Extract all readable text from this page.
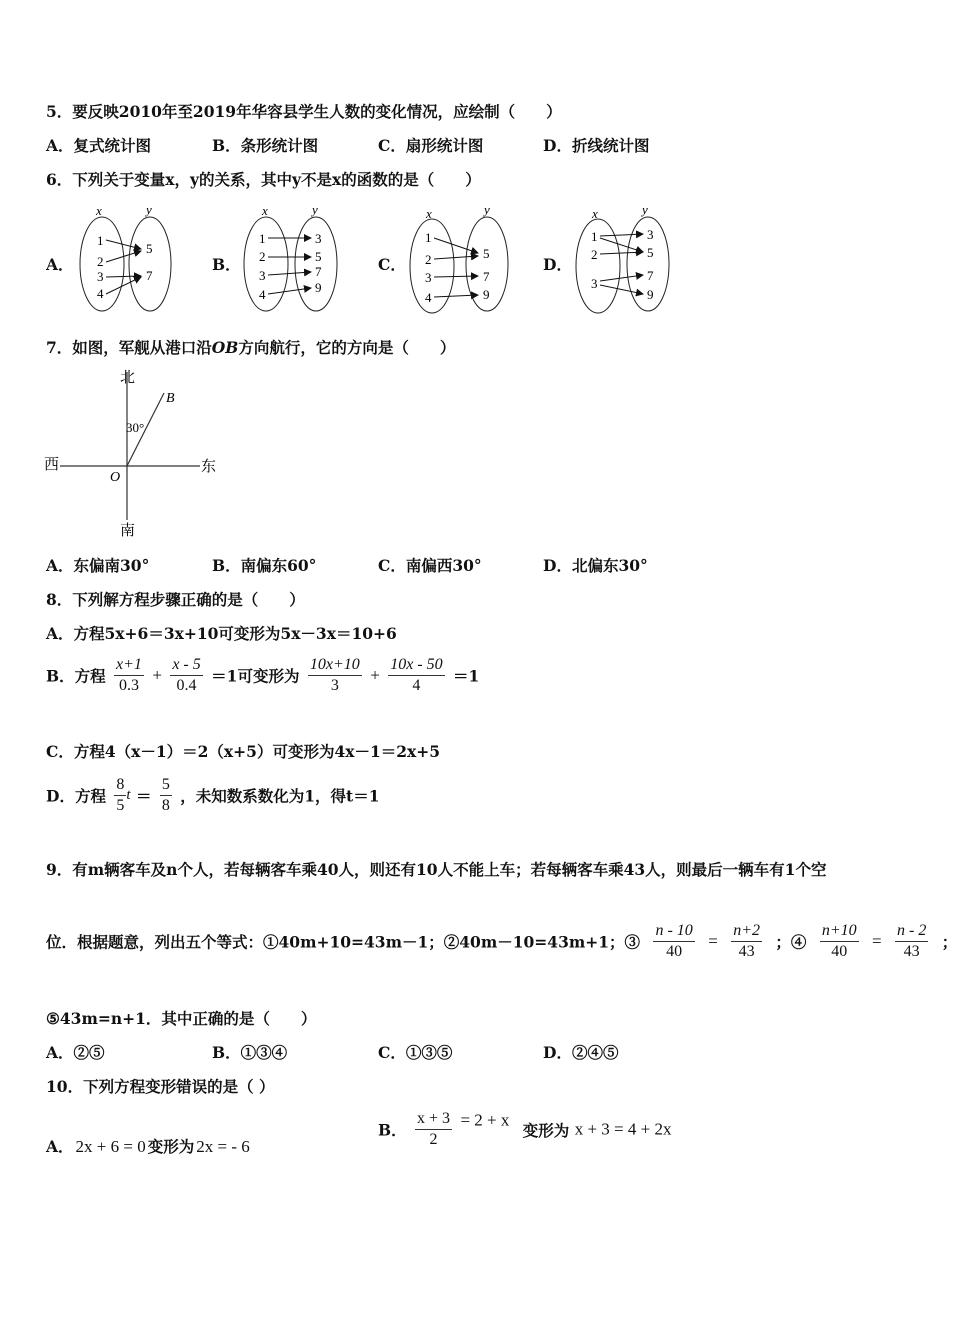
5．要反映2010年至2019年华容县学生人数的变化情况，应绘制（　　）
A．复式统计图	B．条形统计图	C．扇形统计图	D．折线统计图
6．下列关于变量x，y的关系，其中y不是x的函数的是（　　）
A．	B．	C．	D．
x	y
1
2
3
4
5
7
x	y
1
2
3
4
3
5
7
9
x	y
1
2
3
4
5
7
9
x	y
1
2
3
3
5
7
9
7．如图，军舰从港口沿OB方向航行，它的方向是（　　）
北
南
东
西
O
B
30°
A．东偏南30°	B．南偏东60°	C．南偏西30°	D．北偏东30°
8．下列解方程步骤正确的是（　　）
A．方程5x+6＝3x+10可变形为5x－3x＝10+6
B．方程 $\frac{x+1}{0.3} + \frac{x - 5}{0.4} =1$可变形为 $\frac{10x+10}{3} + \frac{10x - 50}{4} =1$
C．方程4（x－1）＝2（x+5）可变形为4x－1＝2x+5
D．方程 $\frac{8}{5}$ $t = \frac{5}{8}$ ，未知数系数化为1，得t＝1
9．有m辆客车及n个人，若每辆客车乘40人，则还有10人不能上车；若每辆客车乘43人，则最后一辆车有1个空
位．根据题意，列出五个等式：①40m+10=43m－1；②40m－10=43m+1；③ $\frac{n - 10}{40} = \frac{n+2}{43}$ ；④ $\frac{n+10}{40} = \frac{n - 2}{43}$ ；
⑤43m=n+1．其中正确的是（　　）
A．②⑤	B．①③④	C．①③⑤	D．②④⑤
10．下列方程变形错误的是（ ）
A． 2x + 6 = 0 变形为 2x = - 6
B． $\frac{x + 3}{2} = 2 + x$ 变形为 x + 3 = 4 + 2x
